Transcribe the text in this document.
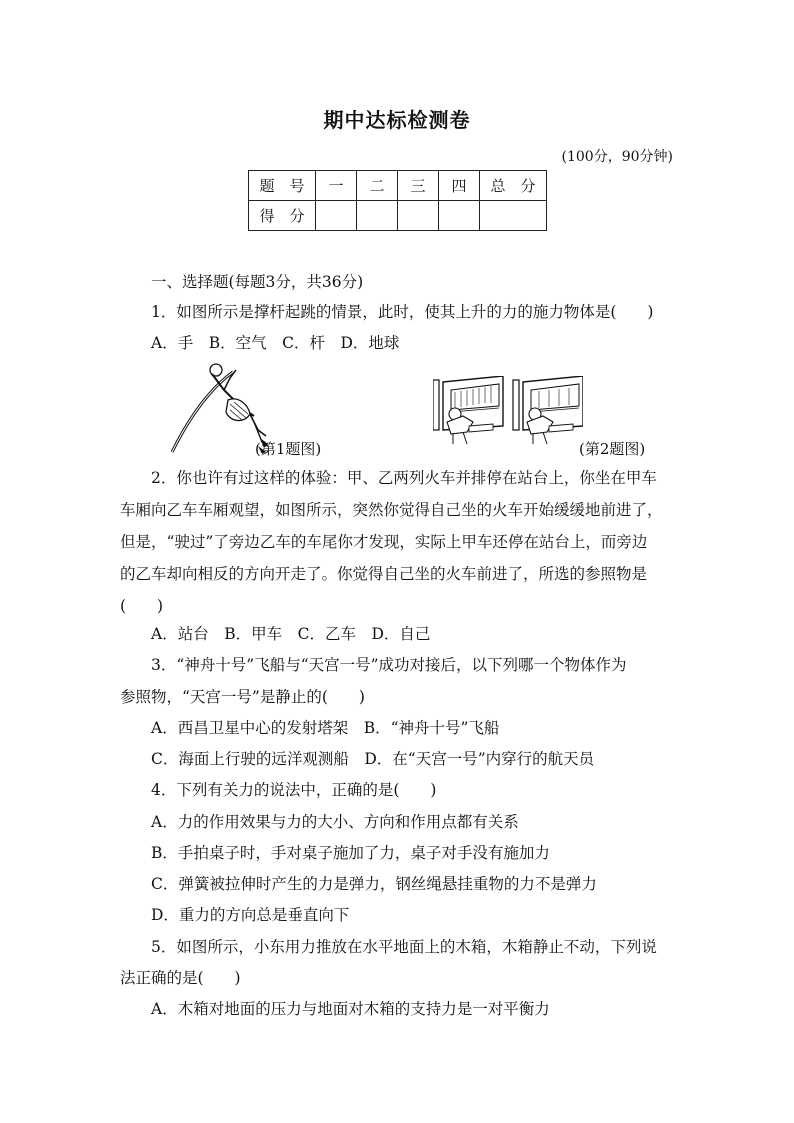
期中达标检测卷
(100分，90分钟)
题　号	一	二	三	四	总　分
得　分					
一、选择题(每题3分，共36分)
1．如图所示是撑杆起跳的情景，此时，使其上升的力的施力物体是(　　)
A．手　B．空气　C．杆　D．地球
(第1题图)	(第2题图)
2．你也许有过这样的体验：甲、乙两列火车并排停在站台上，你坐在甲车
车厢向乙车车厢观望，如图所示，突然你觉得自己坐的火车开始缓缓地前进了，
但是，“驶过”了旁边乙车的车尾你才发现，实际上甲车还停在站台上，而旁边
的乙车却向相反的方向开走了。你觉得自己坐的火车前进了，所选的参照物是
(　　)
A．站台　B．甲车　C．乙车　D．自己
3．“神舟十号”飞船与“天宫一号”成功对接后，以下列哪一个物体作为
参照物，“天宫一号”是静止的(　　)
A．西昌卫星中心的发射塔架　B．“神舟十号”飞船
C．海面上行驶的远洋观测船　D．在“天宫一号”内穿行的航天员
4．下列有关力的说法中，正确的是(　　)
A．力的作用效果与力的大小、方向和作用点都有关系
B．手拍桌子时，手对桌子施加了力，桌子对手没有施加力
C．弹簧被拉伸时产生的力是弹力，钢丝绳悬挂重物的力不是弹力
D．重力的方向总是垂直向下
5．如图所示，小东用力推放在水平地面上的木箱，木箱静止不动，下列说
法正确的是(　　)
A．木箱对地面的压力与地面对木箱的支持力是一对平衡力
